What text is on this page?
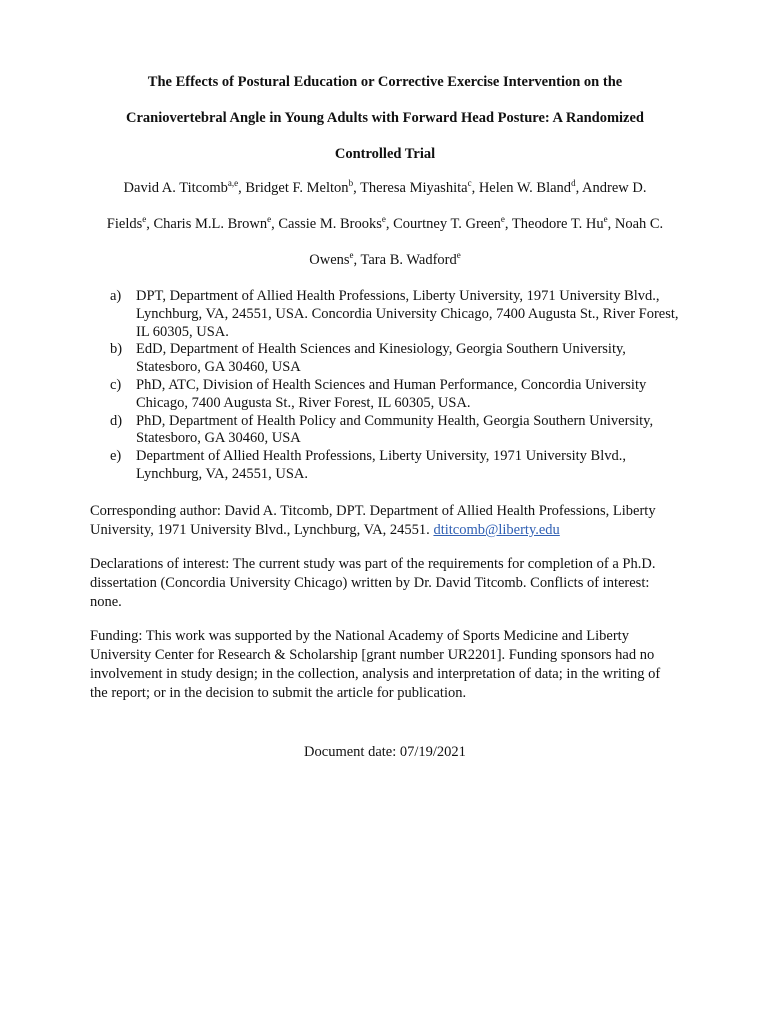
The Effects of Postural Education or Corrective Exercise Intervention on the
Craniovertebral Angle in Young Adults with Forward Head Posture: A Randomized
Controlled Trial
David A. Titcomb$^{a,e}$, Bridget F. Melton$^b$, Theresa Miyashita$^c$, Helen W. Bland$^d$, Andrew D.
Fields$^e$, Charis M.L. Brown$^e$, Cassie M. Brooks$^e$, Courtney T. Green$^e$, Theodore T. Hu$^e$, Noah C.
Owens$^e$, Tara B. Wadford$^e$
a) DPT, Department of Allied Health Professions, Liberty University, 1971 University Blvd., Lynchburg, VA, 24551, USA. Concordia University Chicago, 7400 Augusta St., River Forest, IL 60305, USA.
b) EdD, Department of Health Sciences and Kinesiology, Georgia Southern University, Statesboro, GA 30460, USA
c) PhD, ATC, Division of Health Sciences and Human Performance, Concordia University Chicago, 7400 Augusta St., River Forest, IL 60305, USA.
d) PhD, Department of Health Policy and Community Health, Georgia Southern University, Statesboro, GA 30460, USA
e) Department of Allied Health Professions, Liberty University, 1971 University Blvd., Lynchburg, VA, 24551, USA.
Corresponding author: David A. Titcomb, DPT. Department of Allied Health Professions, Liberty University, 1971 University Blvd., Lynchburg, VA, 24551. dtitcomb@liberty.edu
Declarations of interest: The current study was part of the requirements for completion of a Ph.D. dissertation (Concordia University Chicago) written by Dr. David Titcomb. Conflicts of interest: none.
Funding: This work was supported by the National Academy of Sports Medicine and Liberty University Center for Research & Scholarship [grant number UR2201]. Funding sponsors had no involvement in study design; in the collection, analysis and interpretation of data; in the writing of the report; or in the decision to submit the article for publication.
Document date: 07/19/2021
